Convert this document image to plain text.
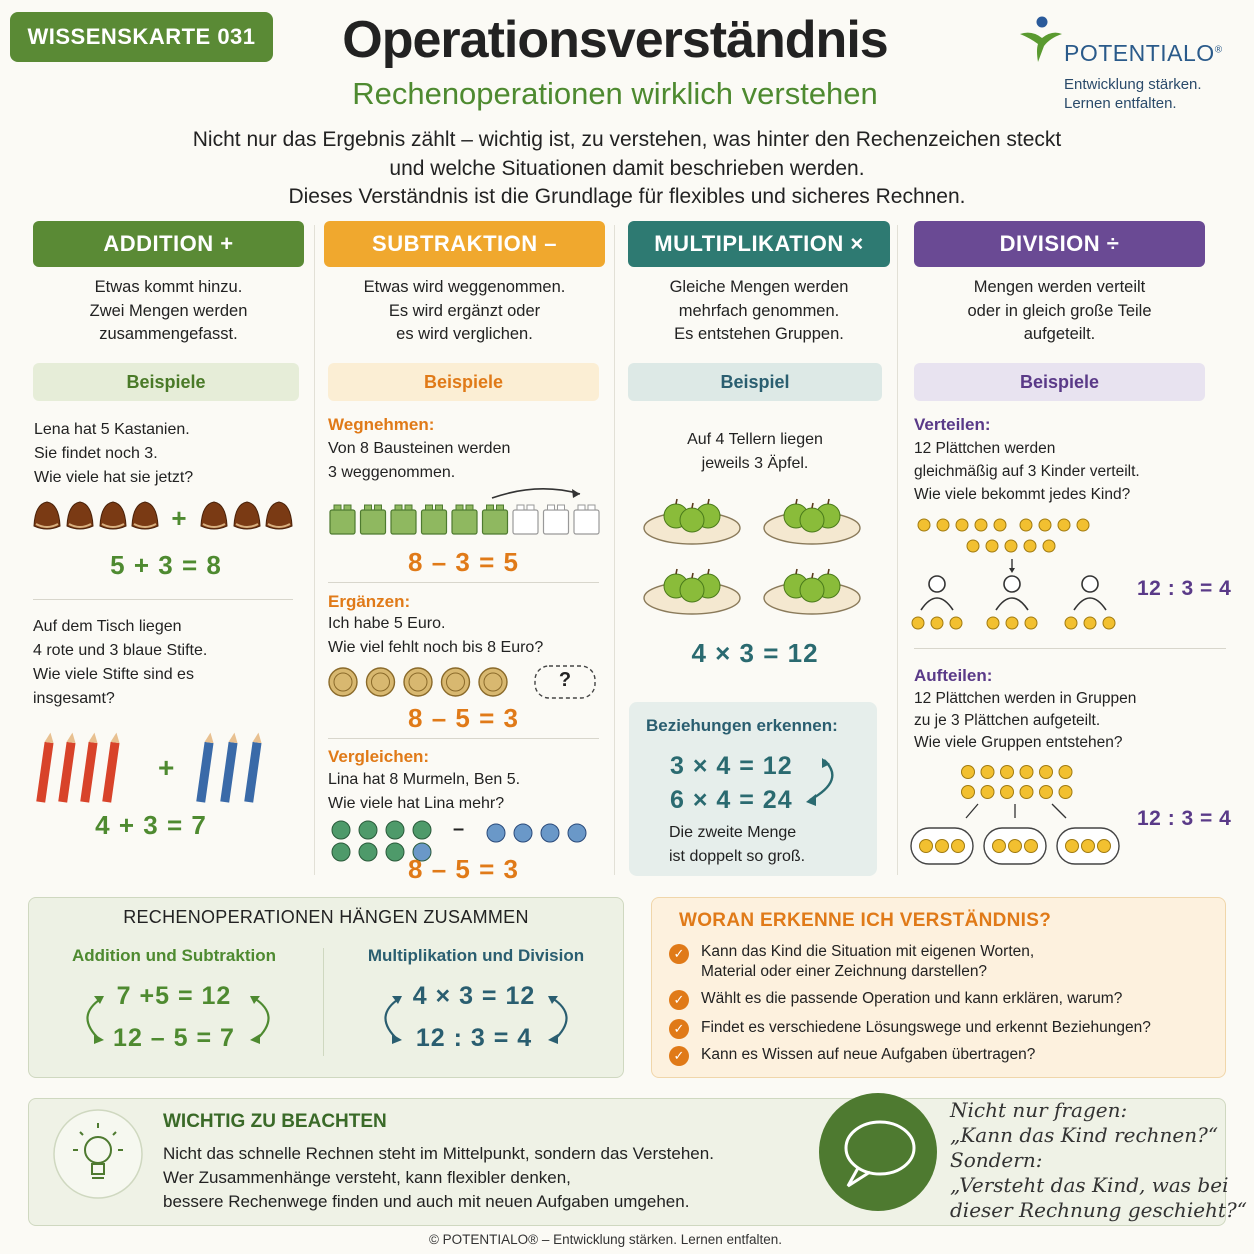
WISSENSKARTE 031	Operationsverständnis
Rechenoperationen wirklich verstehen
POTENTIALO®
Entwicklung stärken.
Lernen entfalten.
Nicht nur das Ergebnis zählt – wichtig ist, zu verstehen, was hinter den Rechenzeichen steckt
und welche Situationen damit beschrieben werden.
Dieses Verständnis ist die Grundlage für flexibles und sicheres Rechnen.
ADDITION +
Etwas kommt hinzu.
Zwei Mengen werden
zusammengefasst.
Beispiele
Lena hat 5 Kastanien.
Sie findet noch 3.
Wie viele hat sie jetzt?
+
5 + 3 = 8
Auf dem Tisch liegen
4 rote und 3 blaue Stifte.
Wie viele Stifte sind es
insgesamt?
+
4 + 3 = 7
SUBTRAKTION –
Etwas wird weggenommen.
Es wird ergänzt oder
es wird verglichen.
Beispiele
Wegnehmen:
Von 8 Bausteinen werden
3 weggenommen.
8 – 3 = 5
Ergänzen:
Ich habe 5 Euro.
Wie viel fehlt noch bis 8 Euro?
?
8 – 5 = 3
Vergleichen:
Lina hat 8 Murmeln, Ben 5.
Wie viele hat Lina mehr?
–
8 – 5 = 3
MULTIPLIKATION ×
Gleiche Mengen werden
mehrfach genommen.
Es entstehen Gruppen.
Beispiel
Auf 4 Tellern liegen
jeweils 3 Äpfel.
4 × 3 = 12
Beziehungen erkennen:
3 × 4 = 12
6 × 4 = 24
Die zweite Menge
ist doppelt so groß.
DIVISION ÷
Mengen werden verteilt
oder in gleich große Teile
aufgeteilt.
Beispiele
Verteilen:
12 Plättchen werden
gleichmäßig auf 3 Kinder verteilt.
Wie viele bekommt jedes Kind?
12 : 3 = 4
Aufteilen:
12 Plättchen werden in Gruppen
zu je 3 Plättchen aufgeteilt.
Wie viele Gruppen entstehen?
12 : 3 = 4
RECHENOPERATIONEN HÄNGEN ZUSAMMEN
Addition und Subtraktion
7 +5 = 12
12 – 5 = 7
Multiplikation und Division
4 × 3 = 12
12 : 3 = 4
WORAN ERKENNE ICH VERSTÄNDNIS?
✓ Kann das Kind die Situation mit eigenen Worten,
Material oder einer Zeichnung darstellen?
✓ Wählt es die passende Operation und kann erklären, warum?
✓ Findet es verschiedene Lösungswege und erkennt Beziehungen?
✓ Kann es Wissen auf neue Aufgaben übertragen?
WICHTIG ZU BEACHTEN
Nicht das schnelle Rechnen steht im Mittelpunkt, sondern das Verstehen.
Wer Zusammenhänge versteht, kann flexibler denken,
bessere Rechenwege finden und auch mit neuen Aufgaben umgehen.
Nicht nur fragen:
„Kann das Kind rechnen?“
Sondern:
„Versteht das Kind, was bei
dieser Rechnung geschieht?“
© POTENTIALO® – Entwicklung stärken. Lernen entfalten.
